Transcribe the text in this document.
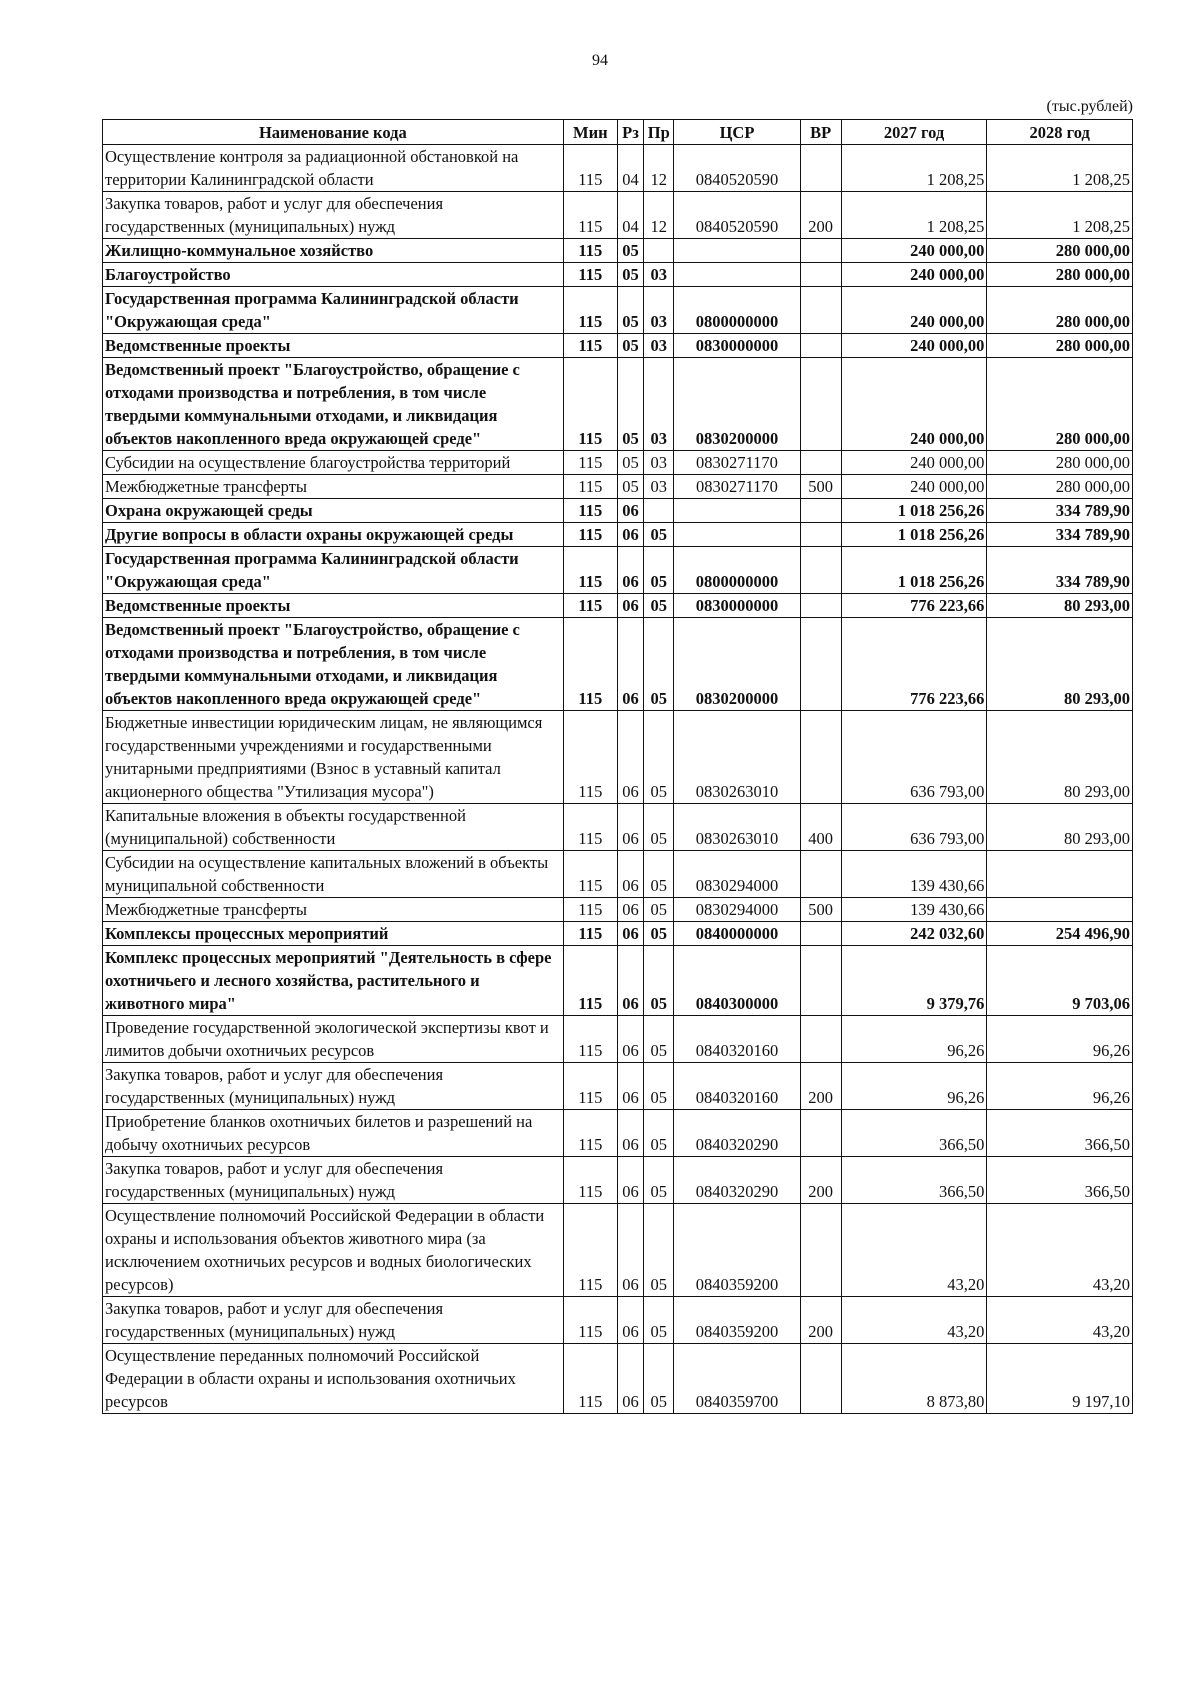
94
(тыс.рублей)
Наименование кода	Мин	Рз	Пр	ЦСР	ВР	2027 год	2028 год
Осуществление контроля за радиационной обстановкой на территории Калининградской области	115	04	12	0840520590		1 208,25	1 208,25
Закупка товаров, работ и услуг для обеспечения государственных (муниципальных) нужд	115	04	12	0840520590	200	1 208,25	1 208,25
Жилищно-коммунальное хозяйство	115	05				240 000,00	280 000,00
Благоустройство	115	05	03			240 000,00	280 000,00
Государственная программа Калининградской области "Окружающая среда"	115	05	03	0800000000		240 000,00	280 000,00
Ведомственные проекты	115	05	03	0830000000		240 000,00	280 000,00
Ведомственный проект "Благоустройство, обращение с отходами производства и потребления, в том числе твердыми коммунальными отходами, и ликвидация объектов накопленного вреда окружающей среде"	115	05	03	0830200000		240 000,00	280 000,00
Субсидии на осуществление благоустройства территорий	115	05	03	0830271170		240 000,00	280 000,00
Межбюджетные трансферты	115	05	03	0830271170	500	240 000,00	280 000,00
Охрана окружающей среды	115	06				1 018 256,26	334 789,90
Другие вопросы в области охраны окружающей среды	115	06	05			1 018 256,26	334 789,90
Государственная программа Калининградской области "Окружающая среда"	115	06	05	0800000000		1 018 256,26	334 789,90
Ведомственные проекты	115	06	05	0830000000		776 223,66	80 293,00
Ведомственный проект "Благоустройство, обращение с отходами производства и потребления, в том числе твердыми коммунальными отходами, и ликвидация объектов накопленного вреда окружающей среде"	115	06	05	0830200000		776 223,66	80 293,00
Бюджетные инвестиции юридическим лицам, не являющимся государственными учреждениями и государственными унитарными предприятиями (Взнос в уставный капитал акционерного общества "Утилизация мусора")	115	06	05	0830263010		636 793,00	80 293,00
Капитальные вложения в объекты государственной (муниципальной) собственности	115	06	05	0830263010	400	636 793,00	80 293,00
Субсидии на осуществление капитальных вложений в объекты муниципальной собственности	115	06	05	0830294000		139 430,66	
Межбюджетные трансферты	115	06	05	0830294000	500	139 430,66	
Комплексы процессных мероприятий	115	06	05	0840000000		242 032,60	254 496,90
Комплекс процессных мероприятий "Деятельность в сфере охотничьего и лесного хозяйства, растительного и животного мира"	115	06	05	0840300000		9 379,76	9 703,06
Проведение государственной экологической экспертизы квот и лимитов добычи охотничьих ресурсов	115	06	05	0840320160		96,26	96,26
Закупка товаров, работ и услуг для обеспечения государственных (муниципальных) нужд	115	06	05	0840320160	200	96,26	96,26
Приобретение бланков охотничьих билетов и разрешений на добычу охотничьих ресурсов	115	06	05	0840320290		366,50	366,50
Закупка товаров, работ и услуг для обеспечения государственных (муниципальных) нужд	115	06	05	0840320290	200	366,50	366,50
Осуществление полномочий Российской Федерации в области охраны и использования объектов животного мира (за исключением охотничьих ресурсов и водных биологических ресурсов)	115	06	05	0840359200		43,20	43,20
Закупка товаров, работ и услуг для обеспечения государственных (муниципальных) нужд	115	06	05	0840359200	200	43,20	43,20
Осуществление переданных полномочий Российской Федерации в области охраны и использования охотничьих ресурсов	115	06	05	0840359700		8 873,80	9 197,10
